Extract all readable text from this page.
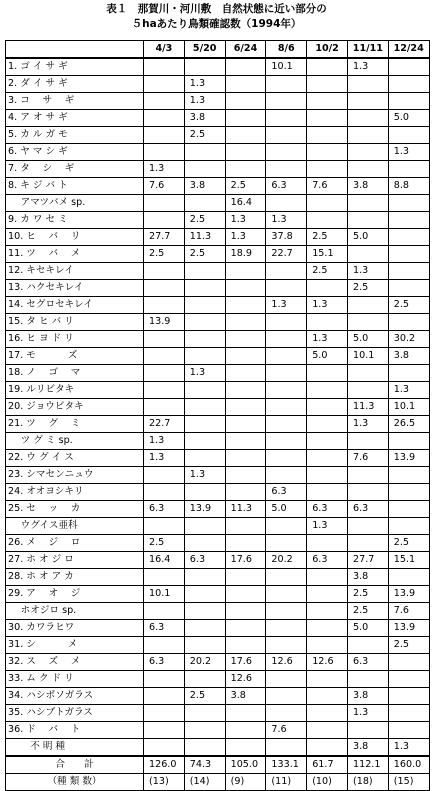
表１　那賀川・河川敷　自然状態に近い部分の
５haあたり鳥類確認数（1994年）
	4/3	5/20	6/24	8/6	10/2	11/11	12/24
1. ゴ イ サ ギ				10.1		1.3	
2. ダ イ サ ギ		1.3					
3. コ　 サ　 ギ		1.3					
4. ア オ サ ギ		3.8					5.0
5. カ ル ガ モ		2.5					
6. ヤ マ シ ギ							1.3
7. タ　 シ　 ギ	1.3						
8. キ ジ バ ト	7.6	3.8	2.5	6.3	7.6	3.8	8.8
　 アマツバメ sp.			16.4				
9. カ ワ セ ミ		2.5	1.3	1.3			
10. ヒ　 バ　 リ	27.7	11.3	1.3	37.8	2.5	5.0	
11. ツ　 バ　 メ	2.5	2.5	18.9	22.7	15.1		
12. キセキレイ					2.5	1.3	
13. ハクセキレイ						2.5	
14. セグロセキレイ				1.3	1.3		2.5
15. タ ヒ バ リ	13.9						
16. ヒ ヨ ド リ					1.3	5.0	30.2
17. モ　　　 ズ					5.0	10.1	3.8
18. ノ　 ゴ　 マ		1.3					
19. ルリビタキ							1.3
20. ジョウビタキ						11.3	10.1
21. ツ　 グ　 ミ	22.7					1.3	26.5
　 ツ グ ミ sp.	1.3						
22. ウ グ イ ス	1.3					7.6	13.9
23. シマセンニュウ		1.3					
24. オオヨシキリ				6.3			
25. セ　 ッ　 カ	6.3	13.9	11.3	5.0	6.3	6.3	
　 ウグイス亜科					1.3		
26. メ　 ジ　 ロ	2.5						2.5
27. ホ オ ジ ロ	16.4	6.3	17.6	20.2	6.3	27.7	15.1
28. ホ オ ア カ						3.8	
29. ア　 オ　 ジ	10.1					2.5	13.9
　 ホオジロ sp.						2.5	7.6
30. カワラヒワ	6.3					5.0	13.9
31. シ　　　 メ							2.5
32. ス　 ズ　 メ	6.3	20.2	17.6	12.6	12.6	6.3	
33. ム ク ド リ			12.6				
34. ハシボソガラス		2.5	3.8			3.8	
35. ハシブトガラス						1.3	
36. ド　 バ　 ト				7.6			
　　 不 明 種						3.8	1.3
合　　計	126.0	74.3	105.0	133.1	61.7	112.1	160.0
（種 類 数）	(13)	(14)	(9)	(11)	(10)	(18)	(15)
